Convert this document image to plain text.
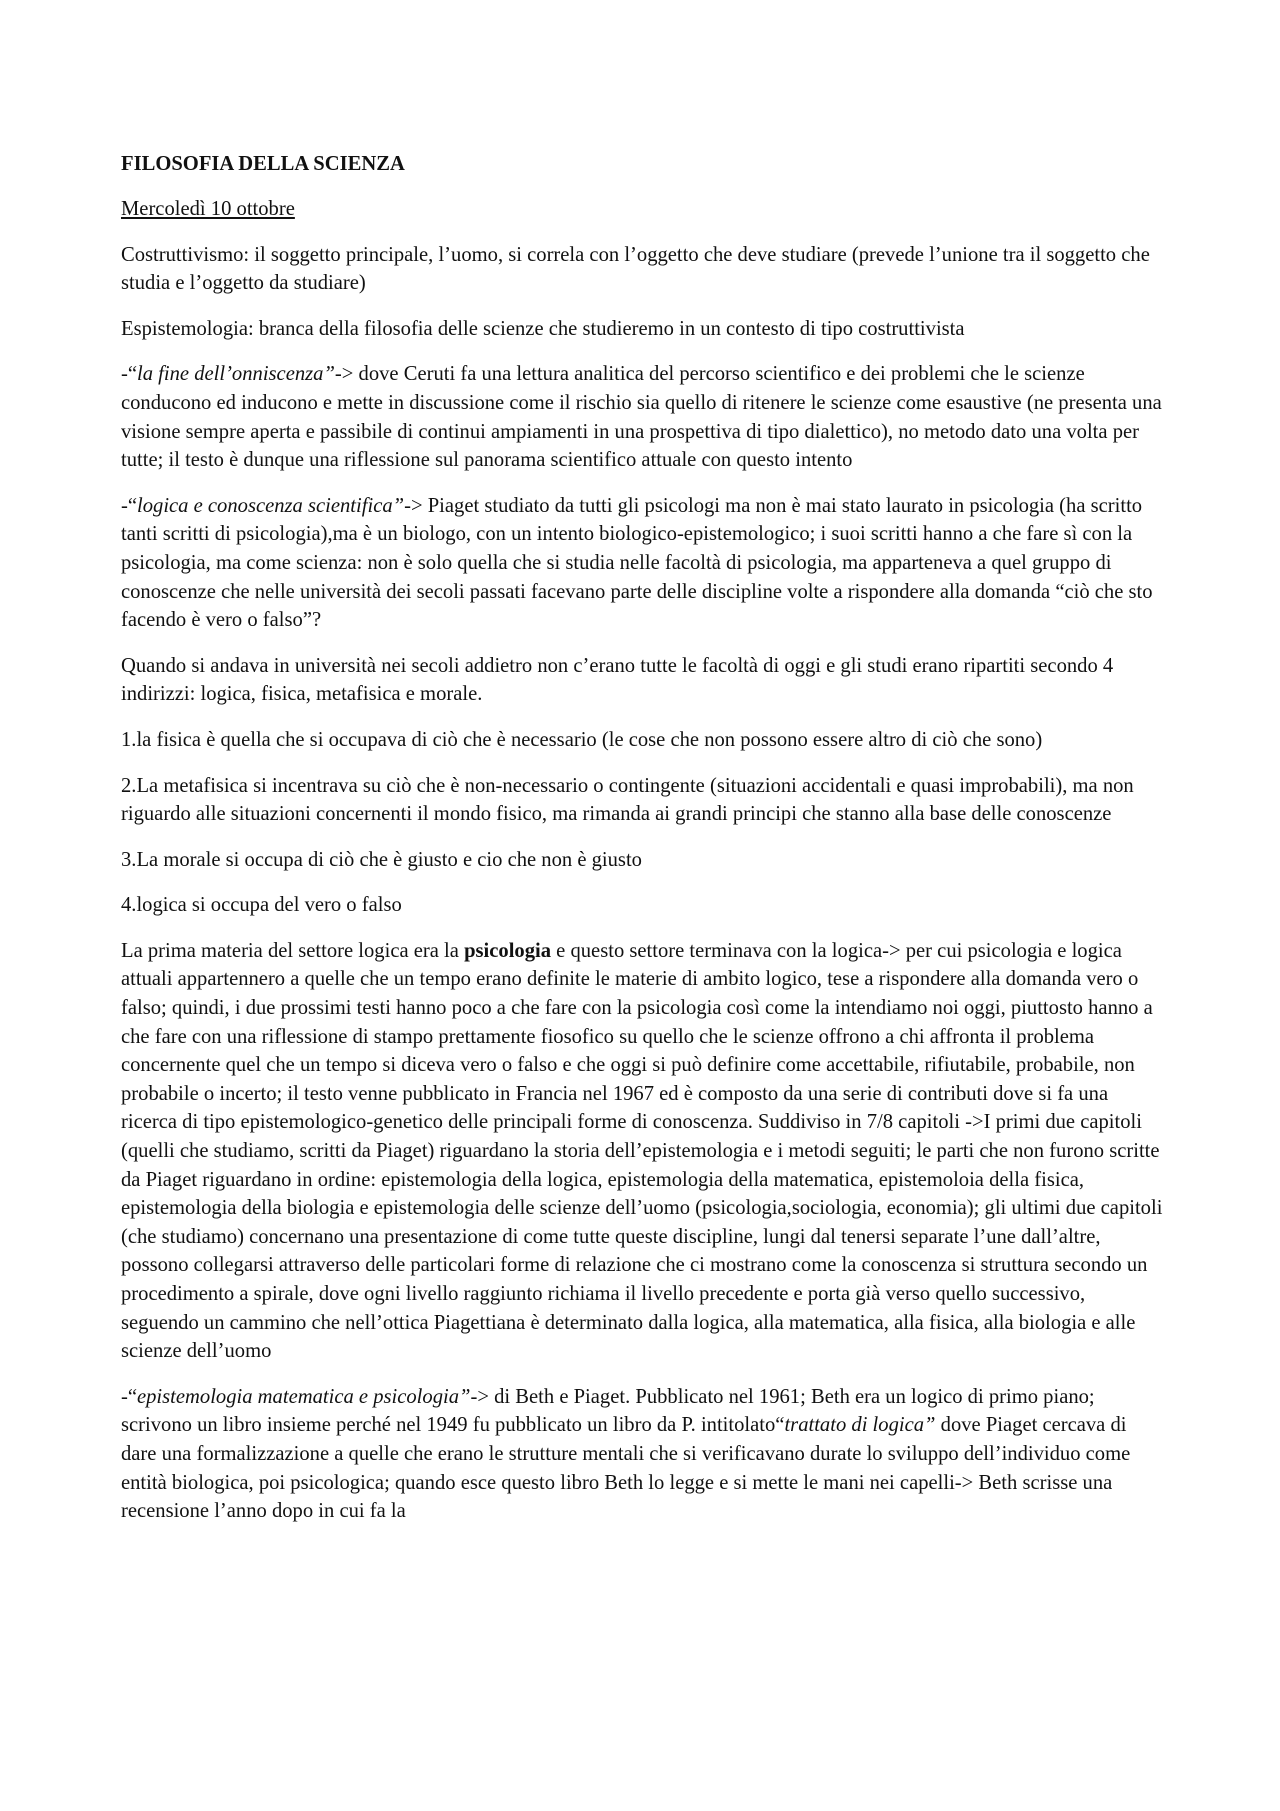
FILOSOFIA DELLA SCIENZA
Mercoledì 10 ottobre

Costruttivismo: il soggetto principale, l’uomo, si correla con l’oggetto che deve studiare (prevede l’unione tra il soggetto che studia e l’oggetto da studiare)

Espistemologia: branca della filosofia delle scienze che studieremo in un contesto di tipo costruttivista

-“la fine dell’onniscenza”-> dove Ceruti fa una lettura analitica del percorso scientifico e dei problemi che le scienze conducono ed inducono e mette in discussione come il rischio sia quello di ritenere le scienze come esaustive (ne presenta una visione sempre aperta e passibile di continui ampiamenti in una prospettiva di tipo dialettico), no metodo dato una volta per tutte; il testo è dunque una riflessione sul panorama scientifico attuale con questo intento

-“logica e conoscenza scientifica”-> Piaget studiato da tutti gli psicologi ma non è mai stato laurato in psicologia (ha scritto tanti scritti di psicologia),ma è un biologo, con un intento biologico-epistemologico; i suoi scritti hanno a che fare sì con la psicologia, ma come scienza: non è solo quella che si studia nelle facoltà di psicologia, ma apparteneva a quel gruppo di conoscenze che nelle università dei secoli passati facevano parte delle discipline volte a rispondere alla domanda “ciò che sto facendo è vero o falso”?

Quando si andava in università nei secoli addietro non c’erano tutte le facoltà di oggi e gli studi erano ripartiti secondo 4 indirizzi: logica, fisica, metafisica e morale.

1.la fisica è quella che si occupava di ciò che è necessario (le cose che non possono essere altro di ciò che sono)

2.La metafisica si incentrava su ciò che è non-necessario o contingente (situazioni accidentali e quasi improbabili), ma non riguardo alle situazioni concernenti il mondo fisico, ma rimanda ai grandi principi che stanno alla base delle conoscenze

3.La morale si occupa di ciò che è giusto e cio che non è giusto

4.logica si occupa del vero o falso

La prima materia del settore logica era la psicologia e questo settore terminava con la logica-> per cui psicologia e logica attuali appartennero a quelle che un tempo erano definite le materie di ambito logico, tese a rispondere alla domanda vero o falso; quindi, i due prossimi testi hanno poco a che fare con la psicologia così come la intendiamo noi oggi, piuttosto hanno a che fare con una riflessione di stampo prettamente fiosofico su quello che le scienze offrono a chi affronta il problema concernente quel che un tempo si diceva vero o falso e che oggi si può definire come accettabile, rifiutabile, probabile, non probabile o incerto; il testo venne pubblicato in Francia nel 1967 ed è composto da una serie di contributi dove si fa una ricerca di tipo epistemologico-genetico delle principali forme di conoscenza. Suddiviso in 7/8 capitoli ->I primi due capitoli (quelli che studiamo, scritti da Piaget) riguardano la storia dell’epistemologia e i metodi seguiti; le parti che non furono scritte da Piaget riguardano in ordine: epistemologia della logica, epistemologia della matematica, epistemoloia della fisica, epistemologia della biologia e epistemologia delle scienze dell’uomo (psicologia,sociologia, economia); gli ultimi due capitoli (che studiamo) concernano una presentazione di come tutte queste discipline, lungi dal tenersi separate l’une dall’altre, possono collegarsi attraverso delle particolari forme di relazione che ci mostrano come la conoscenza si struttura secondo un procedimento a spirale, dove ogni livello raggiunto richiama il livello precedente e porta già verso quello successivo, seguendo un cammino che nell’ottica Piagettiana è determinato dalla logica, alla matematica, alla fisica, alla biologia e alle scienze dell’uomo

-“epistemologia matematica e psicologia”-> di Beth e Piaget. Pubblicato nel 1961; Beth era un logico di primo piano; scrivono un libro insieme perché nel 1949 fu pubblicato un libro da P. intitolato“trattato di logica” dove Piaget cercava di dare una formalizzazione a quelle che erano le strutture mentali che si verificavano durate lo sviluppo dell’individuo come entità biologica, poi psicologica; quando esce questo libro Beth lo legge e si mette le mani nei capelli-> Beth scrisse una recensione l’anno dopo in cui fa la
